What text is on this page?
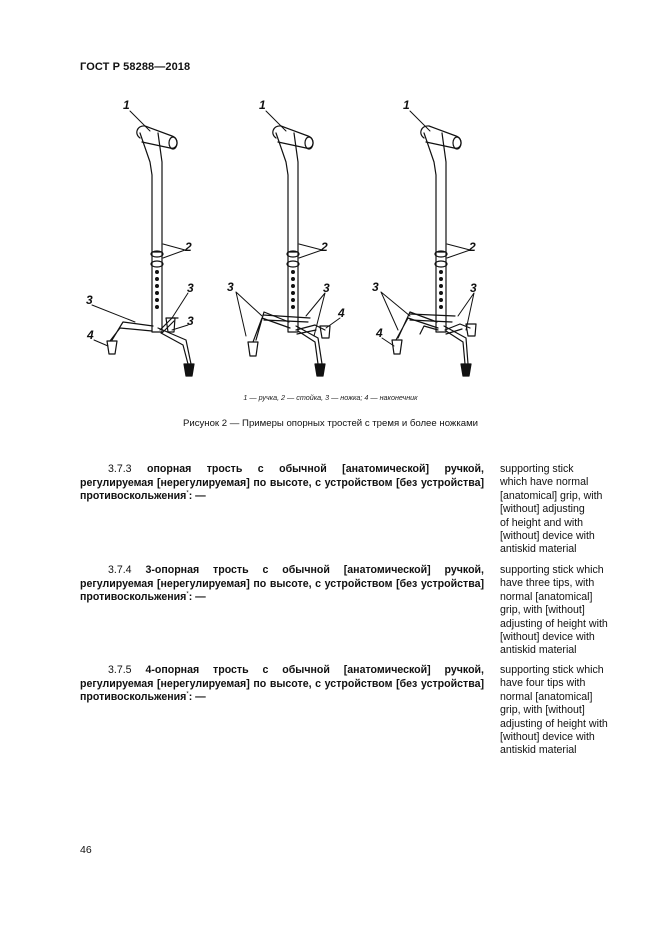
ГОСТ Р 58288—2018
1
2
3
3
3
4
1
2
3	3
4
1
2
3	3
4
1 — ручка, 2 — стойка, 3 — ножка; 4 — наконечник
Рисунок 2 — Примеры опорных тростей с тремя и более ножками
3.7.3 опорная трость с обычной [анатомической] ручкой, регулируемая [нерегулируемая] по высоте, с устройством [без устройства] противоскольжения*: —
supporting stick
which have normal
[anatomical] grip, with
[without] adjusting
of height and with
[without] device with
antiskid material
3.7.4 3-опорная трость с обычной [анатомической] ручкой, регулируемая [нерегулируемая] по высоте, с устройством [без устройства] противоскольжения*: —
supporting stick which
have three tips, with
normal [anatomical]
grip, with [without]
adjusting of height with
[without] device with
antiskid material
3.7.5 4-опорная трость с обычной [анатомической] ручкой, регулируемая [нерегулируемая] по высоте, с устройством [без устройства] противоскольжения*: —
supporting stick which
have four tips with
normal [anatomical]
grip, with [without]
adjusting of height with
[without] device with
antiskid material
46
